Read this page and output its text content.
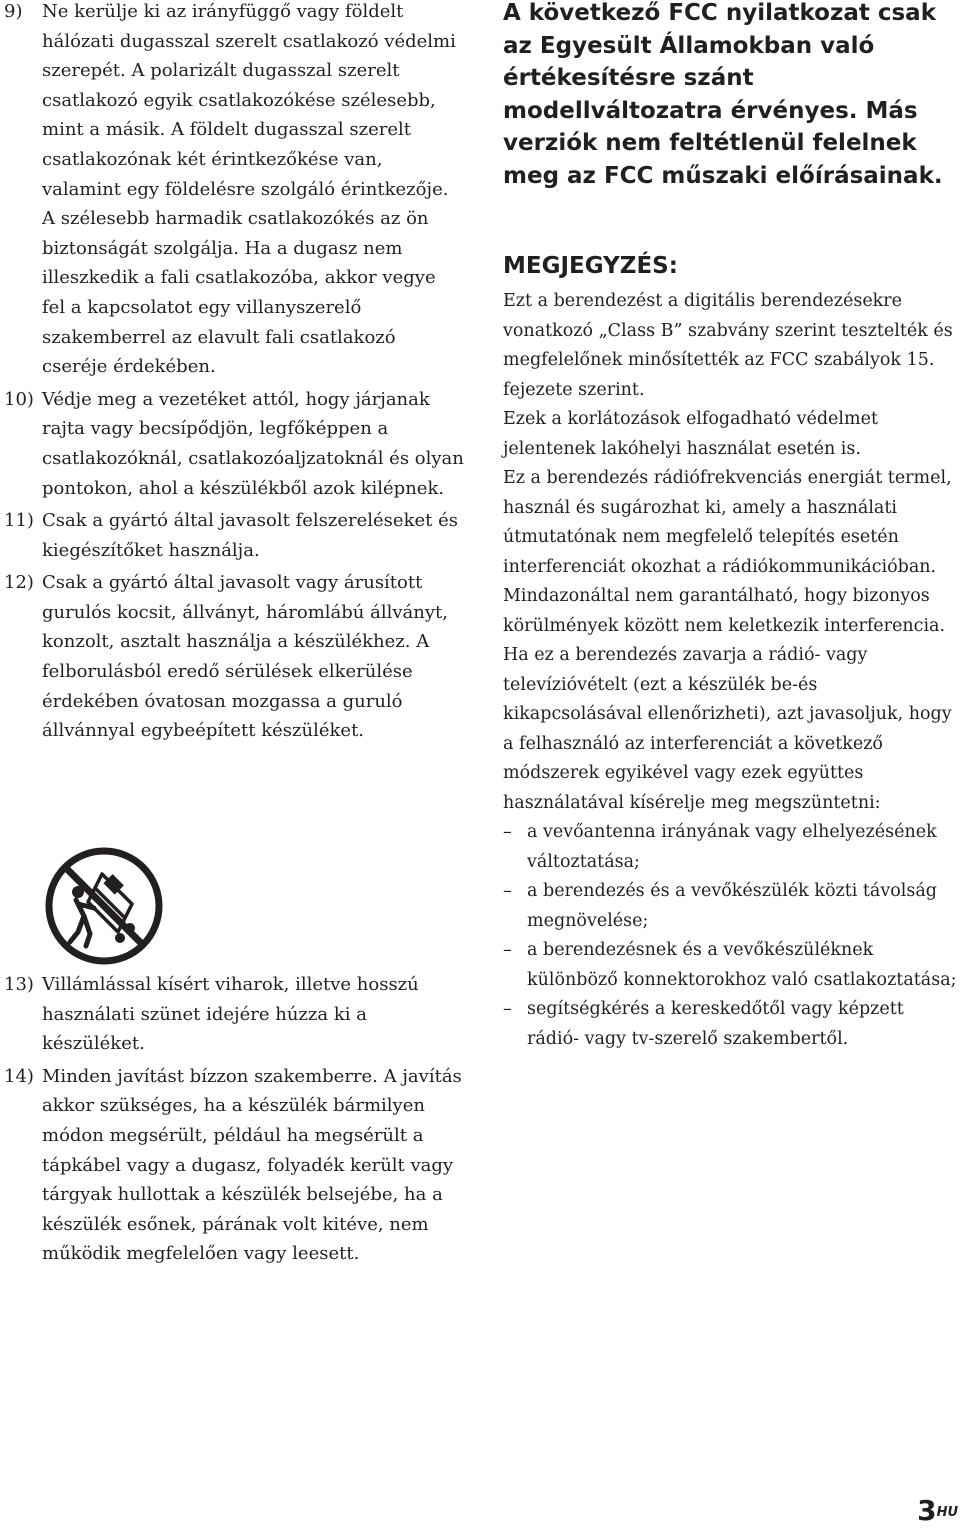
9) Ne kerülje ki az irányfüggő vagy földelt hálózati dugasszal szerelt csatlakozó védelmi szerepét. A polarizált dugasszal szerelt csatlakozó egyik csatlakozókése szélesebb, mint a másik. A földelt dugasszal szerelt csatlakozónak két érintkezőkése van, valamint egy földelésre szolgáló érintkezője. A szélesebb harmadik csatlakozókés az ön biztonságát szolgálja. Ha a dugasz nem illeszkedik a fali csatlakozóba, akkor vegye fel a kapcsolatot egy villanyszerelő szakemberrel az elavult fali csatlakozó cseréje érdekében.

10) Védje meg a vezetéket attól, hogy járjanak rajta vagy becsípődjön, legfőképpen a csatlakozóknál, csatlakozóaljzatoknál és olyan pontokon, ahol a készülékből azok kilépnek.

11) Csak a gyártó által javasolt felszereléseket és kiegészítőket használja.

12) Csak a gyártó által javasolt vagy árusított gurulós kocsit, állványt, háromlábú állványt, konzolt, asztalt használja a készülékhez. A felborulásból eredő sérülések elkerülése érdekében óvatosan mozgassa a guruló állvánnyal egybeépített készüléket.

13) Villámlással kísért viharok, illetve hosszú használati szünet idejére húzza ki a készüléket.

14) Minden javítást bízzon szakemberre. A javítás akkor szükséges, ha a készülék bármilyen módon megsérült, például ha megsérült a tápkábel vagy a dugasz, folyadék került vagy tárgyak hullottak a készülék belsejébe, ha a készülék esőnek, párának volt kitéve, nem működik megfelelően vagy leesett.

A következő FCC nyilatkozat csak az Egyesült Államokban való értékesítésre szánt modellváltozatra érvényes. Más verziók nem feltétlenül felelnek meg az FCC műszaki előírásainak.
MEGJEGYZÉS:

Ezt a berendezést a digitális berendezésekre vonatkozó „Class B” szabvány szerint tesztelték és megfelelőnek minősítették az FCC szabályok 15. fejezete szerint.

Ezek a korlátozások elfogadható védelmet jelentenek lakóhelyi használat esetén is.

Ez a berendezés rádiófrekvenciás energiát termel, használ és sugározhat ki, amely a használati útmutatónak nem megfelelő telepítés esetén interferenciát okozhat a rádiókommunikációban. Mindazonáltal nem garantálható, hogy bizonyos körülmények között nem keletkezik interferencia. Ha ez a berendezés zavarja a rádió- vagy televízióvételt (ezt a készülék be-és kikapcsolásával ellenőrizheti), azt javasoljuk, hogy a felhasználó az interferenciát a következő módszerek egyikével vagy ezek együttes használatával kísérelje meg megszüntetni:

– a vevőantenna irányának vagy elhelyezésének változtatása;
– a berendezés és a vevőkészülék közti távolság megnövelése;
– a berendezésnek és a vevőkészüléknek különböző konnektorokhoz való csatlakoztatása;
– segítségkérés a kereskedőtől vagy képzett rádió- vagy tv-szerelő szakembertől.
$3^{HU}$
